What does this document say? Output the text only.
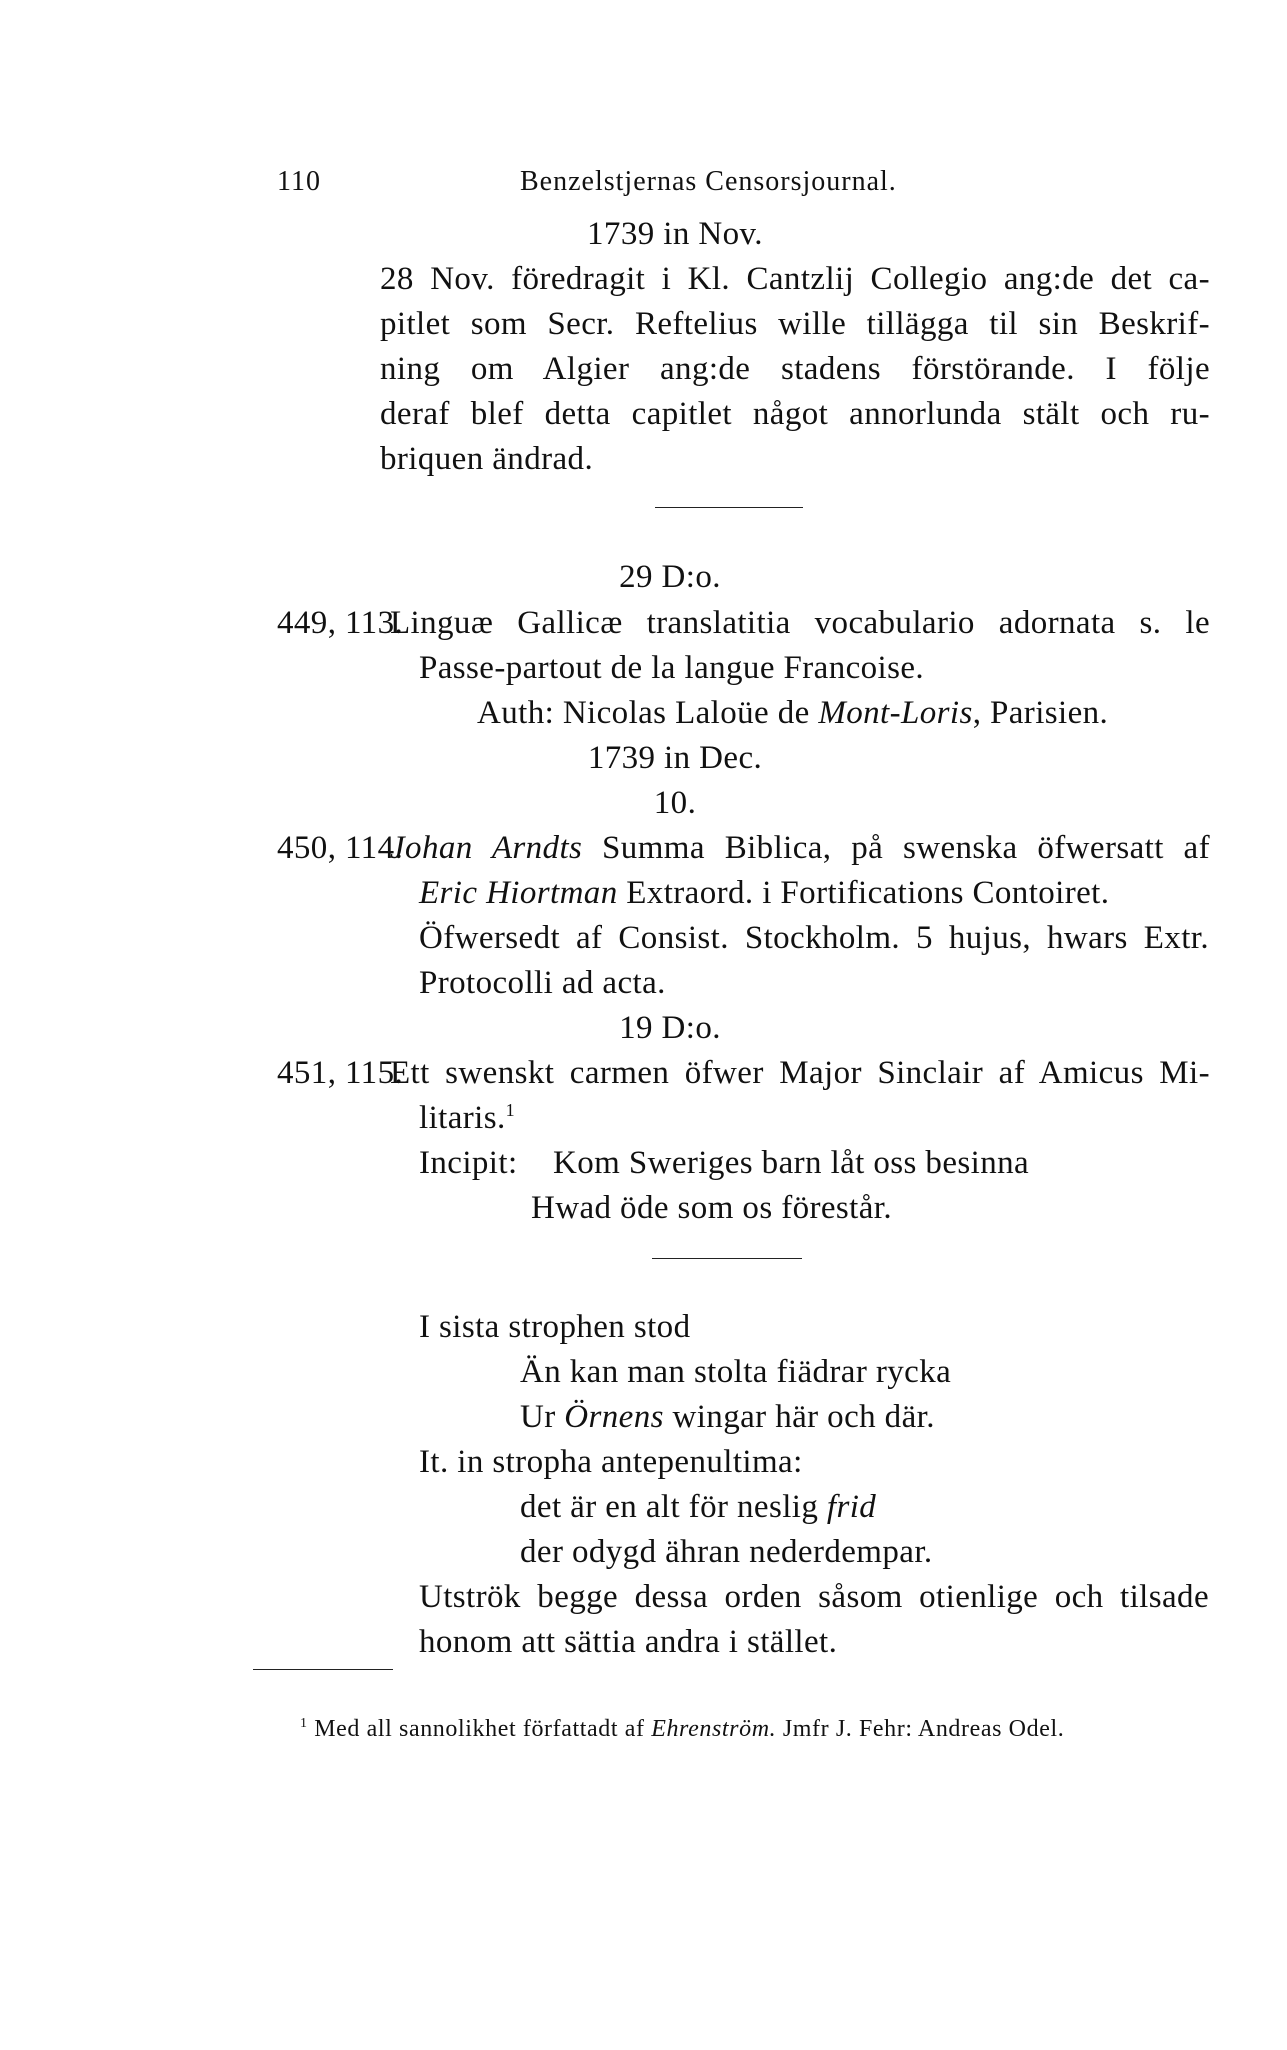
110	Benzelstjernas Censorsjournal.
1739 in Nov.
28 Nov. föredragit i Kl. Cantzlij Collegio ang:de det ca-
pitlet som Secr. Reftelius wille tillägga til sin Beskrif-
ning om Algier ang:de stadens förstörande. I följe
deraf blef detta capitlet något annorlunda stält och ru-
briquen ändrad.
29 D:o.
449, 113.
Linguæ Gallicæ translatitia vocabulario adornata s. le
Passe-partout de la langue Francoise.
Auth: Nicolas Laloüe de Mont-Loris, Parisien.
1739 in Dec.
10.
450, 114.
Johan Arndts Summa Biblica, på swenska öfwersatt af
Eric Hiortman Extraord. i Fortifications Contoiret.
Öfwersedt af Consist. Stockholm. 5 hujus, hwars Extr.
Protocolli ad acta.
19 D:o.
451, 115.
Ett swenskt carmen öfwer Major Sinclair af Amicus Mi-
litaris.$^1$
Incipit: Kom Sweriges barn låt oss besinna
Hwad öde som os förestår.
I sista strophen stod
Än kan man stolta fiädrar rycka
Ur Örnens wingar här och där.
It. in stropha antepenultima:
det är en alt för neslig frid
der odygd ähran nederdempar.
Utströk begge dessa orden såsom otienlige och tilsade
honom att sättia andra i stället.
$^1$ Med all sannolikhet författadt af Ehrenström. Jmfr J. Fehr: Andreas Odel.
